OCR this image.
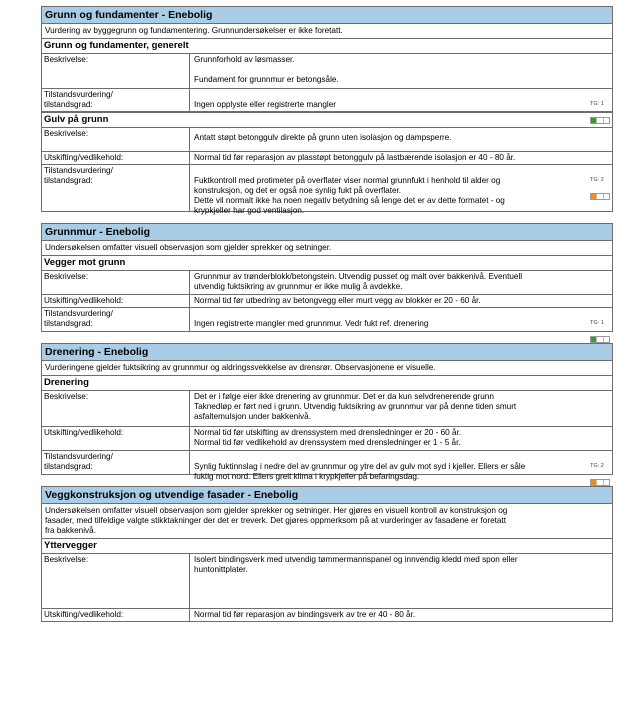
Grunn og fundamenter - Enebolig
Vurdering av byggegrunn og fundamentering. Grunnundersøkelser er ikke foretatt.
Grunn og fundamenter, generelt
Beskrivelse:	Grunnforhold av løsmasser.

Fundament for grunnmur er betongsåle.
Tilstandsvurdering/
tilstandsgrad:	Ingen opplyste eller registrerte mangler	TG: 1

Gulv på grunn
Beskrivelse:	Antatt støpt betonggulv direkte på grunn uten isolasjon og dampsperre.
Utskifting/vedlikehold:	Normal tid før reparasjon av plasstøpt betonggulv på lastbærende isolasjon er 40 - 80 år.
Tilstandsvurdering/
tilstandsgrad:	Fuktkontroll med protimeter på overflater viser normal grunnfukt i henhold til alder og
konstruksjon, og det er også noe synlig fukt på overflater.
Dette vil normalt ikke ha noen negativ betydning så lenge det er av dette formatet - og
krypkjeller har god ventilasjon.

TG: 2

Grunnmur - Enebolig
Undersøkelsen omfatter visuell observasjon som gjelder sprekker og setninger.
Vegger mot grunn
Beskrivelse:	Grunnmur av trønderblokk/betongstein. Utvendig pusset og malt over bakkenivå. Eventuell
utvendig fuktsikring av grunnmur er ikke mulig å avdekke.
Utskifting/vedlikehold:	Normal tid før utbedring av betongvegg eller murt vegg av blokker er 20 - 60 år.
Tilstandsvurdering/
tilstandsgrad:	Ingen registrerte mangler med grunnmur. Vedr fukt ref. drenering	TG: 1

Drenering - Enebolig
Vurderingene gjelder fuktsikring av grunnmur og aldringssvekkelse av drensrør. Observasjonene er visuelle.
Drenering
Beskrivelse:	Det er i følge eier ikke drenering av grunnmur. Det er da kun selvdrenerende grunn
Taknedløp er ført ned i grunn. Utvendig fuktsikring av grunnmur var på denne tiden smurt
asfaltemulsjon under bakkenivå.
Utskifting/vedlikehold:	Normal tid før utskifting av drenssystem med drensledninger er 20 - 60 år.
Normal tid før vedlikehold av drenssystem med drensledninger er 1 - 5 år.
Tilstandsvurdering/
tilstandsgrad:	Synlig fuktinnslag i nedre del av grunnmur og ytre del av gulv mot syd i kjeller. Ellers er såle
fuktig mot nord. Ellers greit klima i krypkjeller på befaringsdag.

TG: 2

Veggkonstruksjon og utvendige fasader - Enebolig
Undersøkelsen omfatter visuell observasjon som gjelder sprekker og setninger. Her gjøres en visuell kontroll av konstruksjon og
fasader, med tilfeldige valgte stikktakninger der det er treverk. Det gjøres oppmerksom på at vurderinger av fasadene er foretatt
fra bakkenivå.
Yttervegger
Beskrivelse:	Isolert bindingsverk med utvendig tømmermannspanel og innvendig kledd med spon eller
huntonittplater.
Utskifting/vedlikehold:	Normal tid før reparasjon av bindingsverk av tre er 40 - 80 år.
